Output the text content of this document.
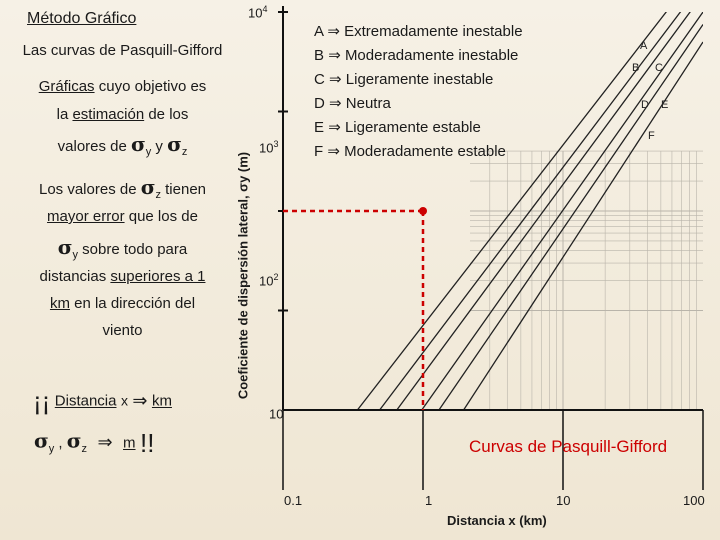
Método Gráfico
Las curvas de Pasquill-Gifford
Gráficas cuyo objetivo es
la estimación de los
valores de $\sigma_y$ y $\sigma_z$
Los valores de $\sigma_z$ tienen
mayor error que los de
$\sigma_y$ sobre todo para
distancias superiores a 1
km en la dirección del
viento
¡¡ Distancia x ⇒ km
$\sigma_y$ , $\sigma_z$ ⇒ m !!
Coeficiente de dispersión lateral, σy (m)
$10^4$
$10^3$
$10^2$
10
0.1	1	10	100
Distancia x (km)
Curvas de Pasquill-Gifford
A ⇒ Extremadamente inestable
B ⇒ Moderadamente inestable
C ⇒ Ligeramente inestable
D ⇒ Neutra
E ⇒ Ligeramente estable
F ⇒ Moderadamente estable
A
B C
D E
F
